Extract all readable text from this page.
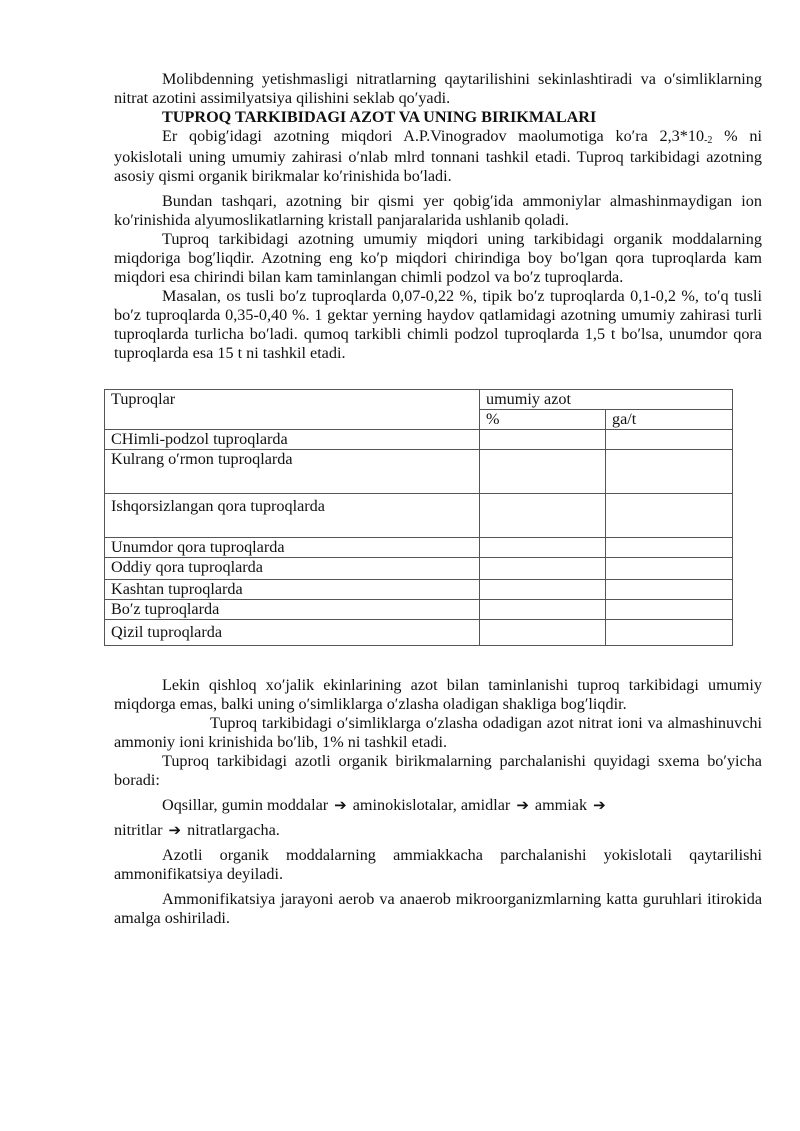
Molibdenning yetishmasligi nitratlarning qaytarilishini sekinlashtiradi va o′simliklarning nitrat azotini assimilyatsiya qilishini seklab qo′yadi.

TUPROQ TARKIBIDAGI AZOT VA UNING BIRIKMALARI

Er qobig′idagi azotning miqdori A.P.Vinogradov maolumotiga ko′ra $2,3*10_{-2}$ % ni yokislotali uning umumiy zahirasi o′nlab mlrd tonnani tashkil etadi. Tuproq tarkibidagi azotning asosiy qismi organik birikmalar ko′rinishida bo′ladi.

Bundan tashqari, azotning bir qismi yer qobig′ida ammoniylar almashinmaydigan ion ko′rinishida alyumoslikatlarning kristall panjaralarida ushlanib qoladi.

Tuproq tarkibidagi azotning umumiy miqdori uning tarkibidagi organik moddalarning miqdoriga bog′liqdir. Azotning eng ko′p miqdori chirindiga boy bo′lgan qora tuproqlarda kam miqdori esa chirindi bilan kam taminlangan chimli podzol va bo′z tuproqlarda.

Masalan, os tusli bo′z tuproqlarda 0,07-0,22 %, tipik bo′z tuproqlarda 0,1-0,2 %, to′q tusli bo′z tuproqlarda 0,35-0,40 %. 1 gektar yerning haydov qatlamidagi azotning umumiy zahirasi turli tuproqlarda turlicha bo′ladi. qumoq tarkibli chimli podzol tuproqlarda 1,5 t bo′lsa, unumdor qora tuproqlarda esa 15 t ni tashkil etadi.

Tuproqlar	umumiy azot	
	%	ga/t
CHimli-podzol tuproqlarda		
Kulrang o′rmon tuproqlarda		
Ishqorsizlangan qora tuproqlarda		
Unumdor qora tuproqlarda		
Oddiy qora tuproqlarda		
Kashtan tuproqlarda		
Bo′z tuproqlarda		
Qizil tuproqlarda		

Lekin qishloq xo′jalik ekinlarining azot bilan taminlanishi tuproq tarkibidagi umumiy miqdorga emas, balki uning o′simliklarga o′zlasha oladigan shakliga bog′liqdir.

Tuproq tarkibidagi o′simliklarga o′zlasha odadigan azot nitrat ioni va almashinuvchi ammoniy ioni krinishida bo′lib, 1% ni tashkil etadi.

Tuproq tarkibidagi azotli organik birikmalarning parchalanishi quyidagi sxema bo′yicha boradi:

Oqsillar, gumin moddalar ➔ aminokislotalar, amidlar ➔ ammiak ➔

nitritlar ➔ nitratlargacha.

Azotli organik moddalarning ammiakkacha parchalanishi yokislotali qaytarilishi ammonifikatsiya deyiladi.

Ammonifikatsiya jarayoni aerob va anaerob mikroorganizmlarning katta guruhlari itirokida amalga oshiriladi.
